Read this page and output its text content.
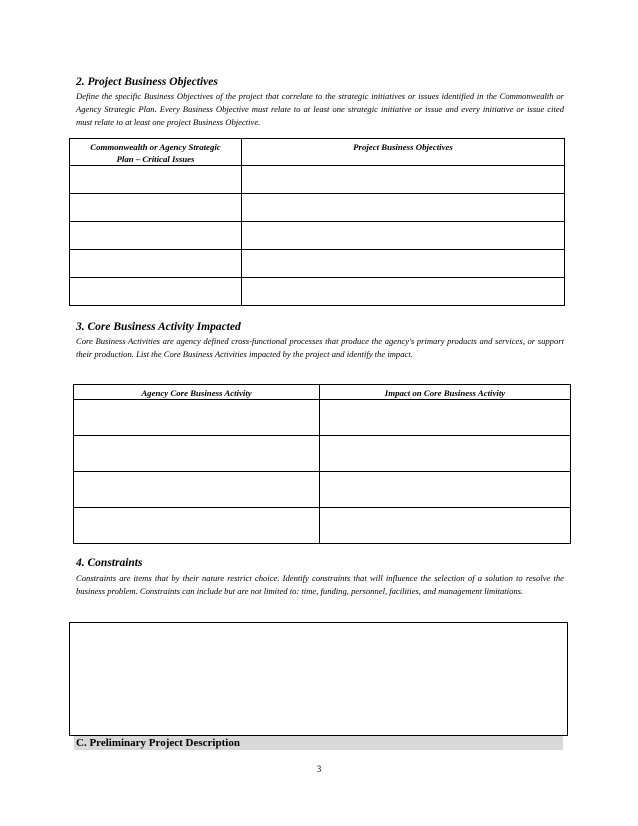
2. Project Business Objectives
Define the specific Business Objectives of the project that correlate to the strategic initiatives or issues identified in the Commonwealth or Agency Strategic Plan. Every Business Objective must relate to at least one strategic initiative or issue and every initiative or issue cited must relate to at least one project Business Objective.
Commonwealth or Agency Strategic Plan – Critical Issues	Project Business Objectives

3. Core Business Activity Impacted
Core Business Activities are agency defined cross-functional processes that produce the agency's primary products and services, or support their production. List the Core Business Activities impacted by the project and identify the impact.
Agency Core Business Activity	Impact on Core Business Activity

4. Constraints
Constraints are items that by their nature restrict choice. Identify constraints that will influence the selection of a solution to resolve the business problem. Constraints can include but are not limited to: time, funding, personnel, facilities, and management limitations.
C. Preliminary Project Description
3
